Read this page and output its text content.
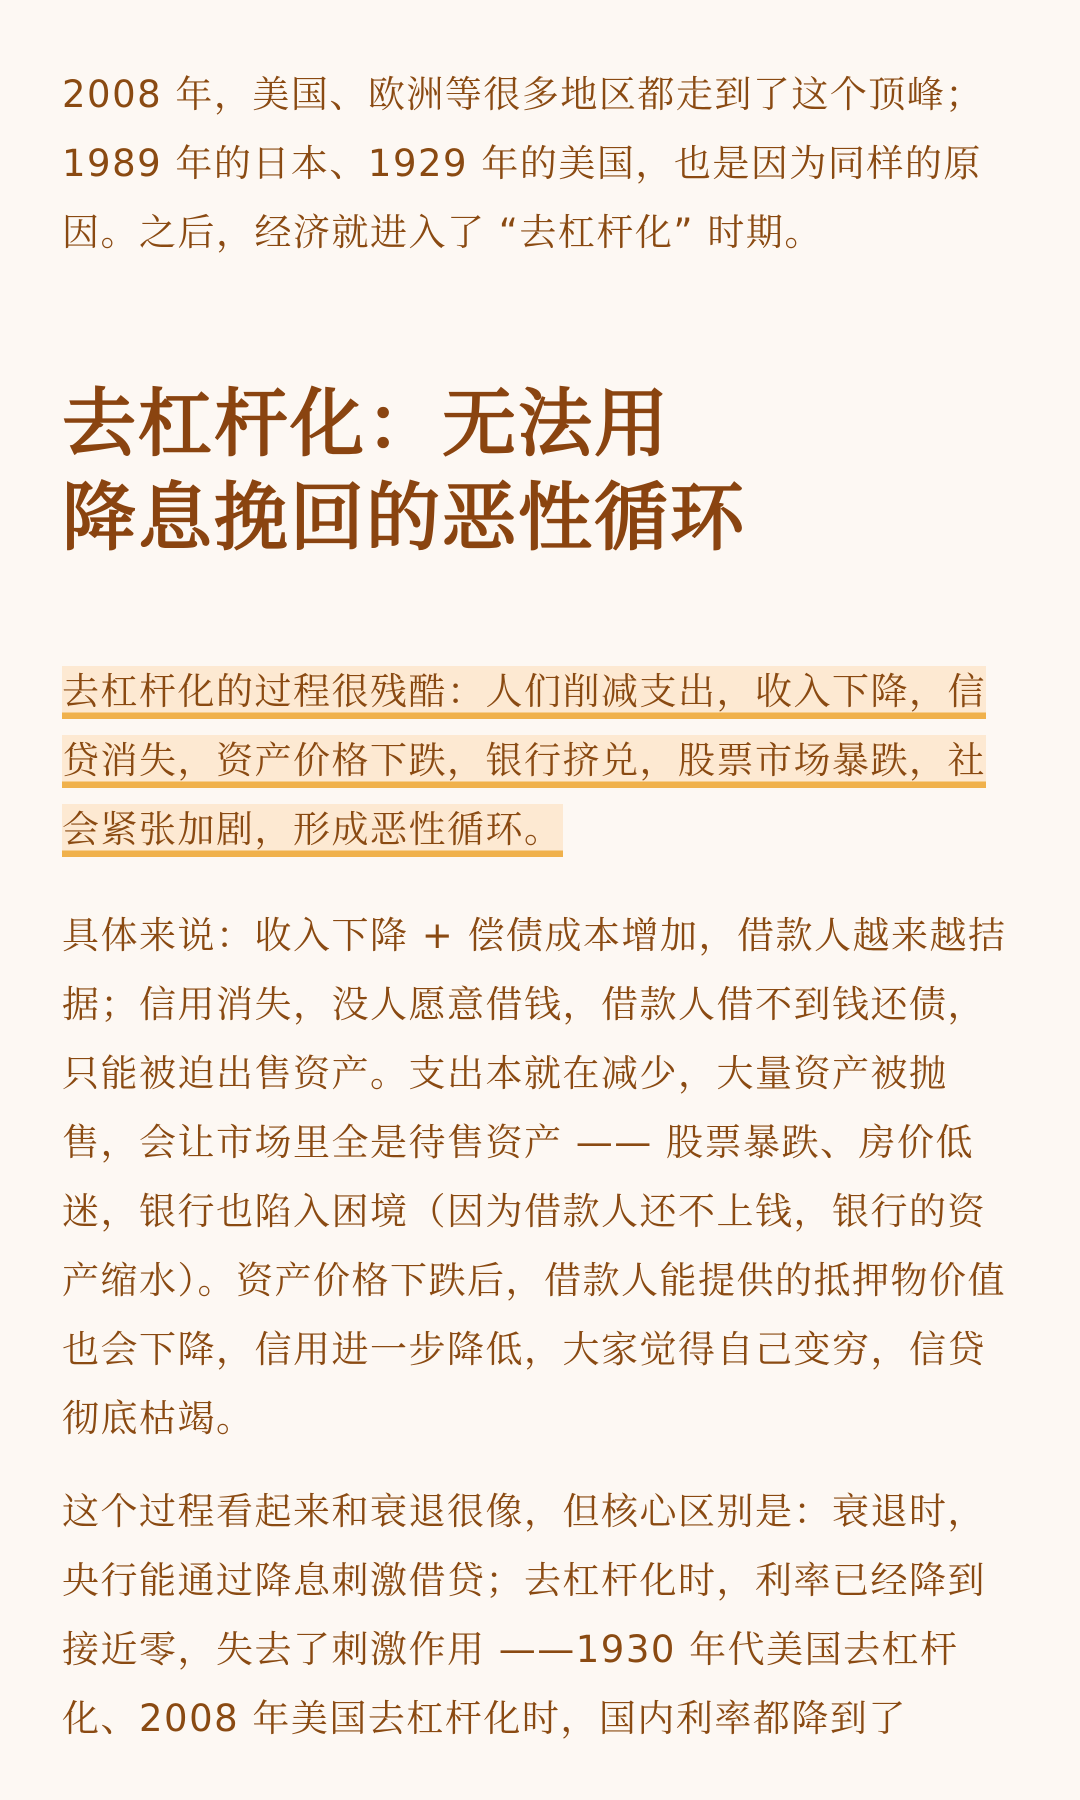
2008 年，美国、欧洲等很多地区都走到了这个顶峰；1989 年的日本、1929 年的美国，也是因为同样的原因。之后，经济就进入了 “去杠杆化” 时期。

去杠杆化：无法用
降息挽回的恶性循环

去杠杆化的过程很残酷：人们削减支出，收入下降，信贷消失，资产价格下跌，银行挤兑，股票市场暴跌，社会紧张加剧，形成恶性循环。

具体来说：收入下降 + 偿债成本增加，借款人越来越拮据；信用消失，没人愿意借钱，借款人借不到钱还债，只能被迫出售资产。支出本就在减少，大量资产被抛售，会让市场里全是待售资产 —— 股票暴跌、房价低迷，银行也陷入困境（因为借款人还不上钱，银行的资产缩水）。资产价格下跌后，借款人能提供的抵押物价值也会下降，信用进一步降低，大家觉得自己变穷，信贷彻底枯竭。

这个过程看起来和衰退很像，但核心区别是：衰退时，央行能通过降息刺激借贷；去杠杆化时，利率已经降到接近零，失去了刺激作用 ——1930 年代美国去杠杆化、2008 年美国去杠杆化时，国内利率都降到了
